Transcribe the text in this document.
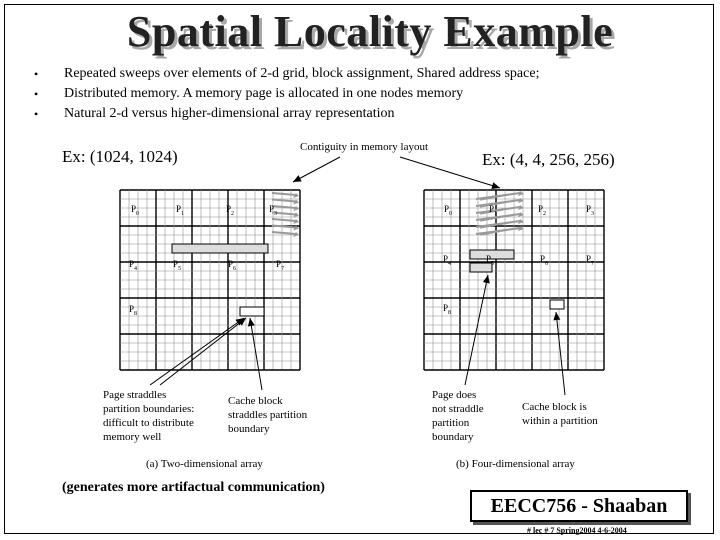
Spatial Locality Example
• Repeated sweeps over elements of 2-d grid, block assignment, Shared address space;
• Distributed memory. A memory page is allocated in one nodes memory
• Natural 2-d versus higher-dimensional array representation
Ex: (1024, 1024)	Ex: (4, 4, 256, 256)
Contiguity in memory layout
$P_0$	$P_1$	$P_2$	$P_3$
$P_4$	$P_5$	$P_6$	$P_7$
$P_8$
$P_0$	$P_1$	$P_2$	$P_3$
$P_4$	$P_5$	$P_6$	$P_7$
$P_8$
Page straddles
partition boundaries:
difficult to distribute
memory well
Cache block
straddles partition
boundary
Page does
not straddle
partition
boundary
Cache block is
within a partition
(a) Two-dimensional array	(b) Four-dimensional array
(generates more artifactual communication)
EECC756 - Shaaban
# lec # 7 Spring2004 4-6-2004
